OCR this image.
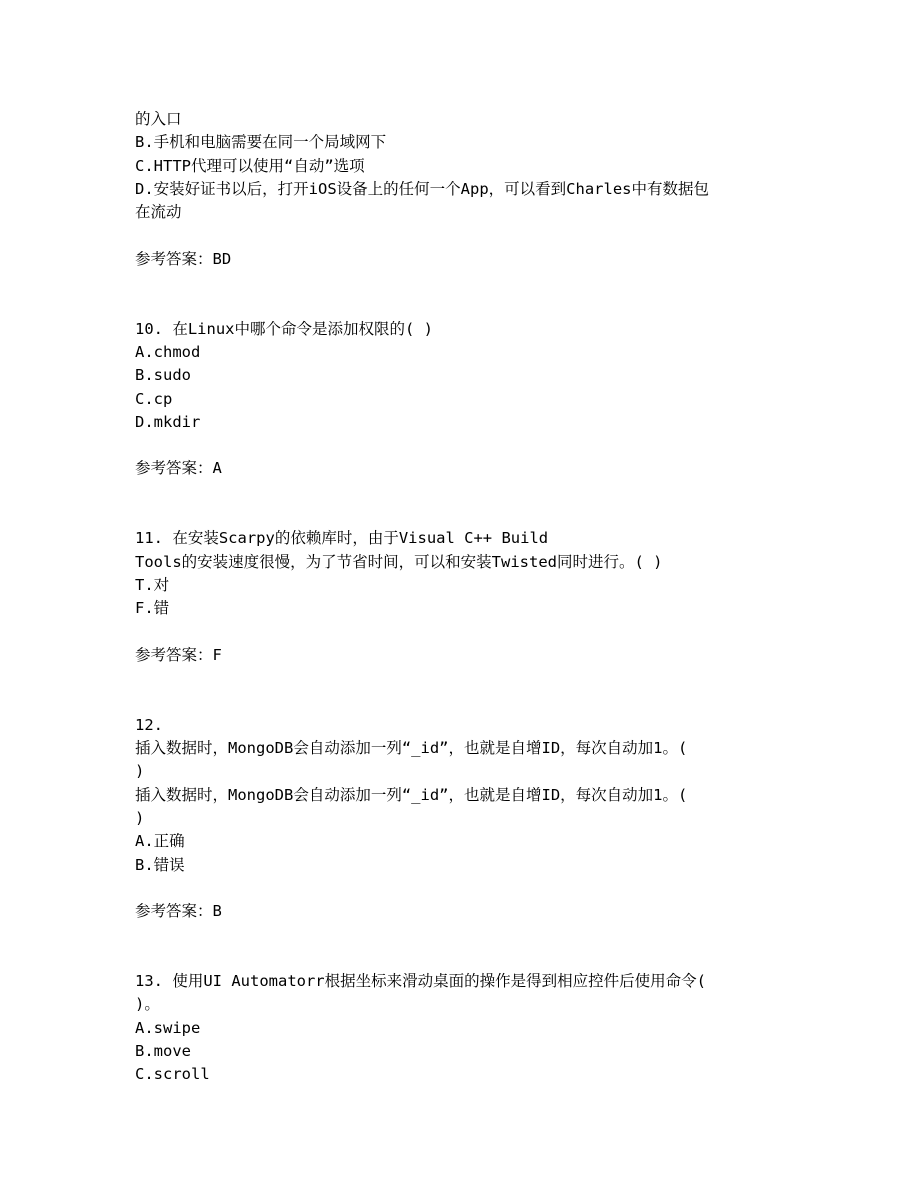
的入口
B.手机和电脑需要在同一个局域网下
C.HTTP代理可以使用“自动”选项
D.安装好证书以后，打开iOS设备上的任何一个App，可以看到Charles中有数据包
在流动
参考答案：BD
10. 在Linux中哪个命令是添加权限的( )
A.chmod
B.sudo
C.cp
D.mkdir
参考答案：A
11. 在安装Scarpy的依赖库时，由于Visual C++ Build
Tools的安装速度很慢，为了节省时间，可以和安装Twisted同时进行。( )
T.对
F.错
参考答案：F
12.
插入数据时，MongoDB会自动添加一列“_id”，也就是自增ID，每次自动加1。(
)
插入数据时，MongoDB会自动添加一列“_id”，也就是自增ID，每次自动加1。(
)
A.正确
B.错误
参考答案：B
13. 使用UI Automatorr根据坐标来滑动桌面的操作是得到相应控件后使用命令(
)。
A.swipe
B.move
C.scroll
